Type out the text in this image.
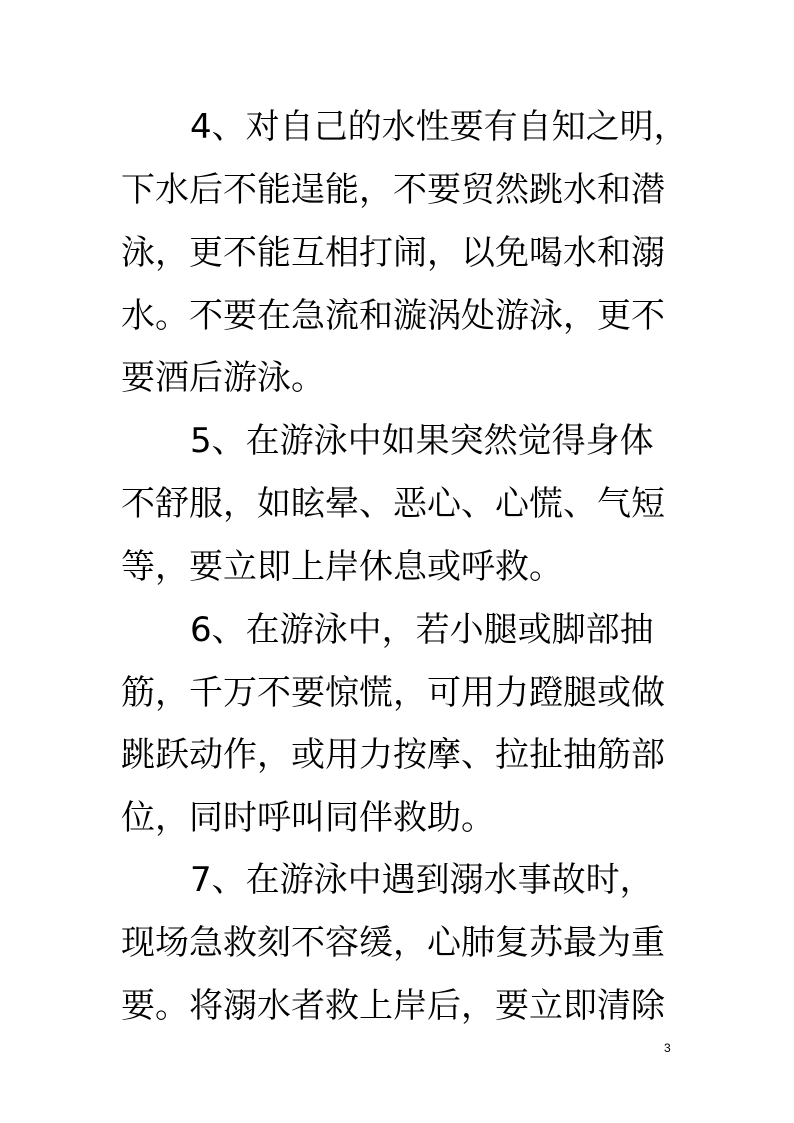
4、对自己的水性要有自知之明，
下水后不能逞能，不要贸然跳水和潜
泳，更不能互相打闹，以免喝水和溺
水。不要在急流和漩涡处游泳，更不
要酒后游泳。
5、在游泳中如果突然觉得身体
不舒服，如眩晕、恶心、心慌、气短
等，要立即上岸休息或呼救。
6、在游泳中，若小腿或脚部抽
筋，千万不要惊慌，可用力蹬腿或做
跳跃动作，或用力按摩、拉扯抽筋部
位，同时呼叫同伴救助。
7、在游泳中遇到溺水事故时，
现场急救刻不容缓，心肺复苏最为重
要。将溺水者救上岸后，要立即清除
3
